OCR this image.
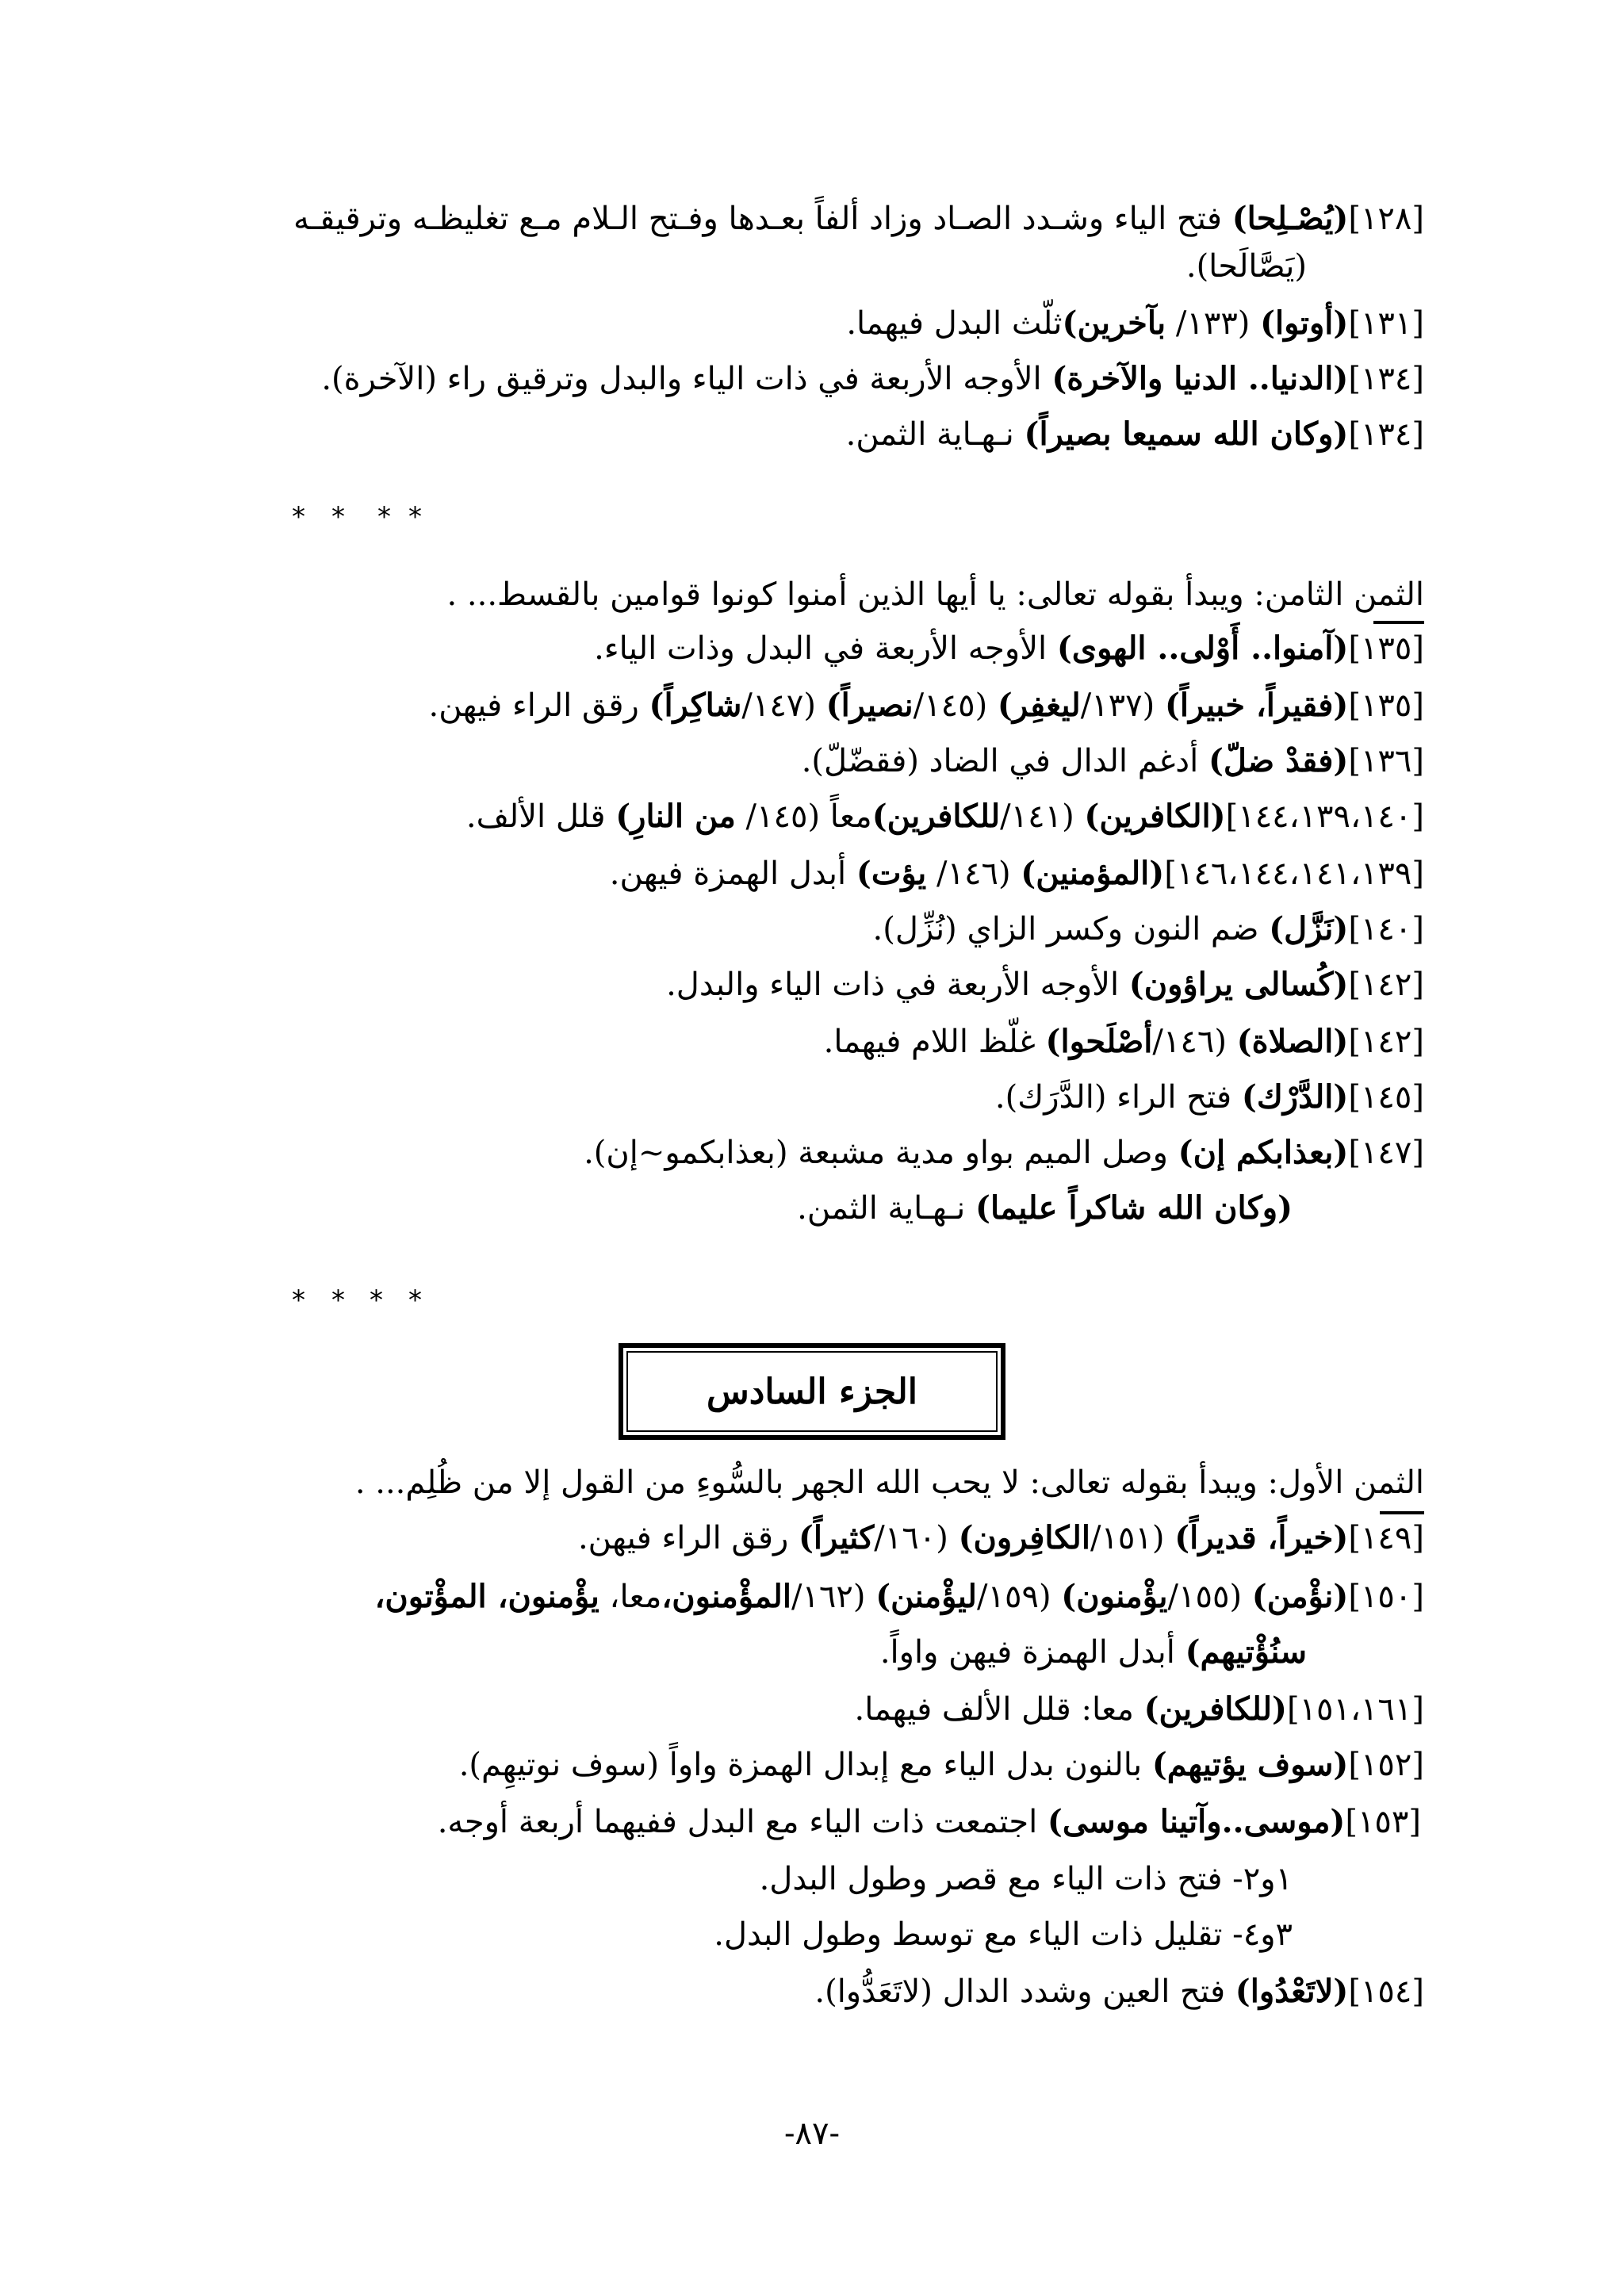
[١٢٨](يُصْـلِحا) فتح الياء وشـدد الصـاد وزاد ألفاً بعـدها وفـتح الـلام مـع تغليظـه وترقيقـه
(يَصَّالَحا).
[١٣١](أوتوا) (١٣٣/ بآخرين)ثلّث البدل فيهما.
[١٣٤](الدنيا.. الدنيا والآخرة) الأوجه الأربعة في ذات الياء والبدل وترقيق راء (الآخرة).
[١٣٤](وكان الله سميعا بصيراً) نـهـاية الثمن.
* * * *
الثمن الثامن: ويبدأ بقوله تعالى: يا أيها الذين أمنوا كونوا قوامين بالقسط... .
[١٣٥](آمنوا.. أَوْلى.. الهوى) الأوجه الأربعة في البدل وذات الياء.
[١٣٥](فقيراً، خبيراً) (١٣٧/ليغفِر) (١٤٥/نصيراً) (١٤٧/شاكِراً) رقق الراء فيهن.
[١٣٦](فقدْ ضلّ) أدغم الدال في الضاد (فقضّلّ).
[١٤٤،١٣٩،١٤٠](الكافرين) (١٤١/للكافرين)معاً (١٤٥/ من النارِ) قلل الألف.
[١٤٦،١٤٤،١٤١،١٣٩](المؤمنين) (١٤٦/ يؤت) أبدل الهمزة فيهن.
[١٤٠](نَزَّل) ضم النون وكسر الزاي (نُزِّل).
[١٤٢](كُسالى يراؤون) الأوجه الأربعة في ذات الياء والبدل.
[١٤٢](الصلاة) (١٤٦/أصْلَحوا) غلّظ اللام فيهما.
[١٤٥](الدَّرْك) فتح الراء (الدَّرَك).
[١٤٧](بعذابكم إن) وصل الميم بواو مدية مشبعة (بعذابكمو~إن).
(وكان الله شاكراً عليما) نـهـاية الثمن.
* * * *
الجزء السادس
الثمن الأول: ويبدأ بقوله تعالى: لا يحب الله الجهر بالسُّوءِ من القول إلا من ظُلِم... .
[١٤٩](خيراً، قديراً) (١٥١/الكافِرون) (١٦٠/كثيراً) رقق الراء فيهن.
[١٥٠](نؤْمن) (١٥٥/يؤْمنون) (١٥٩/ليؤْمنن) (١٦٢/المؤْمنون،معا، يؤْمنون، المؤْتون،
سنُؤْتيهم) أبدل الهمزة فيهن واواً.
[١٥١،١٦١](للكافرين) معا: قلل الألف فيهما.
[١٥٢](سوف يؤتيهم) بالنون بدل الياء مع إبدال الهمزة واواً (سوف نوتيهِم).
[١٥٣](موسى..وآتينا موسى) اجتمعت ذات الياء مع البدل ففيهما أربعة أوجه.
١و٢- فتح ذات الياء مع قصر وطول البدل.
٣و٤- تقليل ذات الياء مع توسط وطول البدل.
[١٥٤](لاتَعْدُوا) فتح العين وشدد الدال (لاتَعَدُّوا).
-٨٧-
